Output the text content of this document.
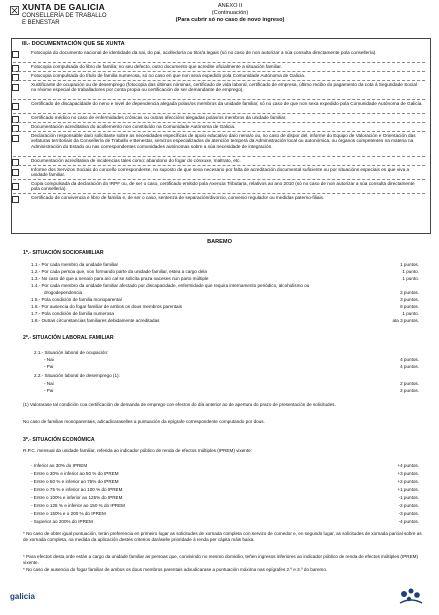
XUNTA DE GALICIA
CONSELLERÍA DE TRABALLO
E BENESTAR
ANEXO II
(Continuación)
(Para cubrir só no caso de novo ingreso)
III.- DOCUMENTACIÓN QUE SE XUNTA
Fotocopia do documento nacional de identidade da nai, do pai, acolledor/a ou titor/a legais (só no caso de non autorizar a súa consulta directamente pola consellería).
Fotocopia compulsada do libro de familia; no seu defecto, outro documento que acredite oficialmente a situación familiar.
Fotocopia compulsada do título de familia numerosa, só no caso en que non sexa expedido pola Comunidade Autónoma de Galicia.
Xustificante de ocupación ou de desemprego (fotocopia das últimas nóminas, certificado de vida laboral, certificado de empresa, último recibo do pagamento da cota á Seguridade Social no réxime especial de traballadores por conta propia ou certificación de ser demandante de emprego).
Certificado de discapacidade do neno e nivel de dependencia alegada polas/os membros da unidade familiar, só no caso de que non sexa expedido pola Comunidade Autónoma de Galicia.
Certificado médico no caso de enfermidades crónicas ou outras afeccións alegadas polas/os membros da unidade familiar.
Documentación acreditativa do acollemento non constituído na Comunidade Autónoma de Galicia.
Declaración responsable da/o solicitante sobre as necesidades específicas de apoio educativo da/o nena/o ou, no caso de dispor del, informe do Equipo de Valoración e Orientación das xefaturas territoriais da Consellería de Traballo e Benestar, servizos especializados de atención temperá da Administración local ou autonómica, ou órganos competentes na materia na Administración do Estado ou nas correspondentes comunidades autónomas sobre a súa necesidade de integración.
Documentación acreditativa de incidencias tales como: abandono do fogar do cónxuxe, maltrato, etc.
Informe dos Servizos Sociais do concello correspondente, no suposto de que sexa necesario por falta de acreditación documental suficiente ou por situacións especiais en que viva a unidade familiar.
Copia compulsada da declaración do IRPF ou, de ser o caso, certificado emitido pola Axencia Tributaria, relativos ao ano 2010 (só no caso de non autorizar a súa consulta directamente pola consellería).
Certificado de convivencia e libro de familia e, de ser o caso, sentenza de separación/divorcio, convenio regulador ou medidas paterno-filiais.
BAREMO
1º.- SITUACIÓN SOCIOFAMILIAR
1.1.- Por cada membro da unidade familiar	1 puntos.
1.2.- Por cada persoa que, non formando parte da unidade familiar, estea a cargo dela	1 punto.
1.3.- No caso de que a nena/o para a/o cal se solicita praza naceses nun parto múltiple	1 punto.
1.4.- Por cada membro da unidade familiar afectado por discapacidade, enfermidade que requira internamento periódico, alcoholismo ou
drogodependencia	2 puntos.
1.5.- Pola condición de familia monoparental	3 puntos.
1.6.- Por ausencia do fogar familiar de ambos os dous membros parentais	6 puntos.
1.7.- Pola condición de familia numerosa	1 punto.
1.8.- Outras circunstancias familiares debidamente acreditadas	ata 3 puntos.
2º.- SITUACIÓN LABORAL FAMILIAR
2.1.- Situación laboral de ocupación:
- Nai	4 puntos.
- Pai	4 puntos.
2.2.- Situación laboral de desemprego (1):
- Nai	2 puntos.
- Pai	2 puntos.
(1) Valorarase tal condición coa certificación de demanda de emprego con efectos do día anterior ao de apertura do prazo de presentación de solicitudes.
No caso de familias monoparentais, adicadicaraselles a puntuación da epígrafe correspondente computando por dous.
3º.- SITUACIÓN ECONÓMICA
R.P.C. mensual da unidade familiar, referida ao indicador público de renda de efectos múltiples (IPREM) vixente:
- Inferior ao 30% do IPREM	+4 puntos.
- Entre o 30% e inferior ao 50 % do IPREM	+3 puntos.
- Entre o 50 % e inferior ao 75% do IPREM	+2 puntos.
- Entre o 75 % e inferior ao 100 % do IPREM	+1 puntos.
- Entre o 100% e inferior ao 125% do IPREM	-1 puntos.
- Entre o 125 % e inferior ao 150 % do IPREM	-2 puntos.
- Entre o 150% e o 200 % do IPREM	-3 puntos.
- Superior ao 200% do IPREM	-4 puntos.
* No caso de obter igual puntuación, terán preferencia en primeiro lugar as solicitudes de xornada completa con servizo de comedor e, en segundo lugar, as solicitudes de xornada parcial sobre as de xornada completa, na medida da aplicación destes criterios daráselle prioridade á renda per cápita máis baixa.
* Para efectos desta orde están a cargo da unidade familiar as persoas que, convivindo no mesmo domicilio, teñen ingresos inferiores ao indicador público de renda de efectos múltiples (IPREM) vixente.
* No caso de ausencia do fogar familiar de ambos os dous membros parentais adxudicarase a puntuación máxima nas epígrafes 2.º e 3.º do baremo.
galicia
